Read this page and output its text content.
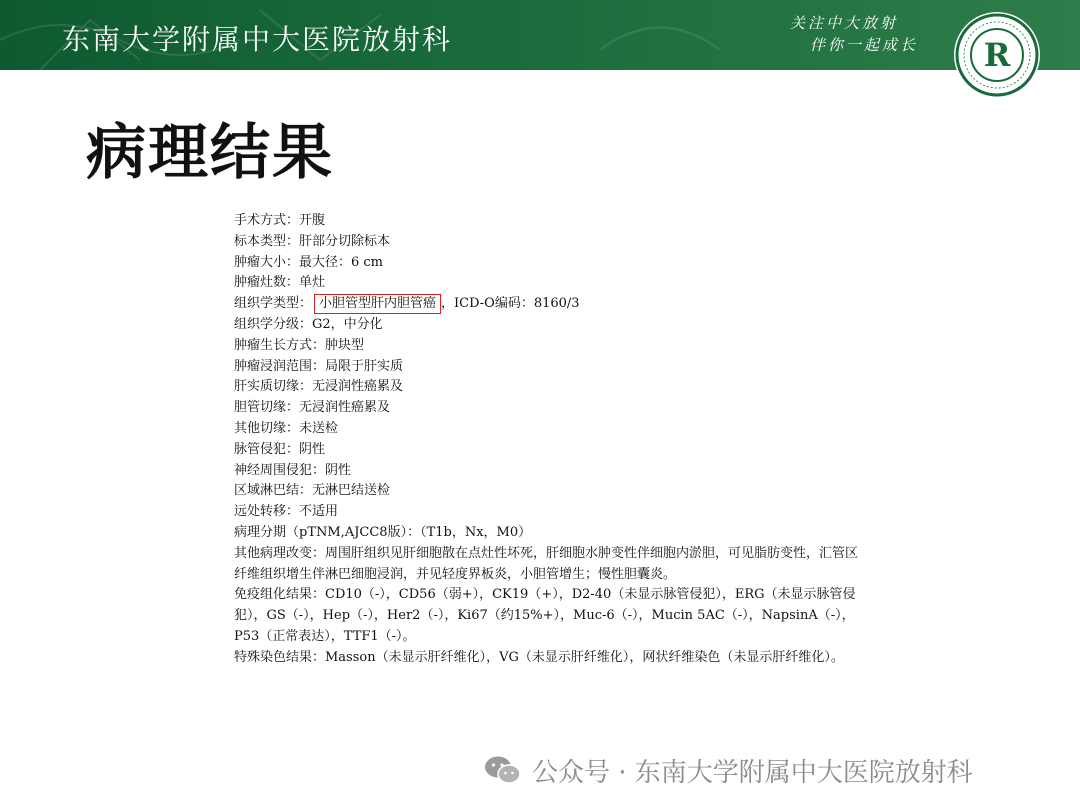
东南大学附属中大医院放射科	关注中大放射
伴你一起成长	R
病理结果
手术方式：开腹
标本类型：肝部分切除标本
肿瘤大小：最大径：6 cm
肿瘤灶数：单灶
组织学类型： 小胆管型肝内胆管癌 ，ICD-O编码：8160/3
组织学分级：G2，中分化
肿瘤生长方式：肿块型
肿瘤浸润范围：局限于肝实质
肝实质切缘：无浸润性癌累及
胆管切缘：无浸润性癌累及
其他切缘：未送检
脉管侵犯：阴性
神经周围侵犯：阴性
区域淋巴结：无淋巴结送检
远处转移：不适用
病理分期（pTNM,AJCC8版）：（T1b，Nx，M0）
其他病理改变：周围肝组织见肝细胞散在点灶性坏死，肝细胞水肿变性伴细胞内淤胆，可见脂肪变性，汇管区纤维组织增生伴淋巴细胞浸润，并见轻度界板炎，小胆管增生；慢性胆囊炎。
免疫组化结果：CD10（-），CD56（弱+），CK19（+），D2-40（未显示脉管侵犯），ERG（未显示脉管侵犯），GS（-），Hep（-），Her2（-），Ki67（约15%+），Muc-6（-），Mucin 5AC（-），NapsinA（-），P53（正常表达），TTF1（-）。
特殊染色结果：Masson（未显示肝纤维化），VG（未显示肝纤维化），网状纤维染色（未显示肝纤维化）。
公众号 · 东南大学附属中大医院放射科
